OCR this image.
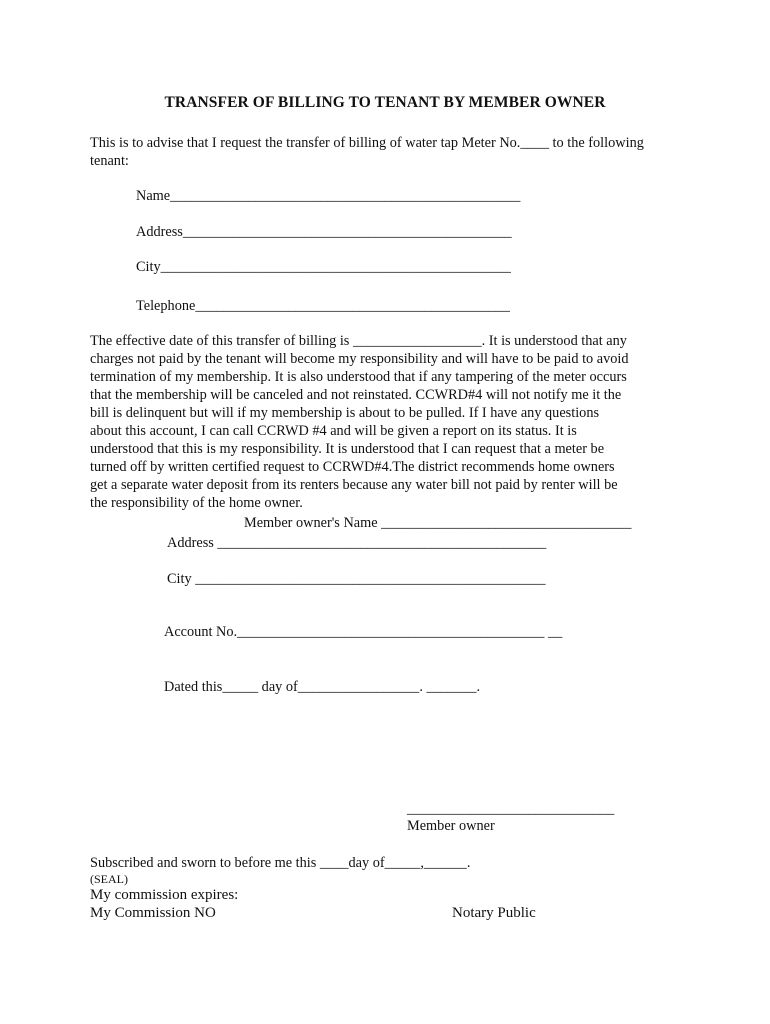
TRANSFER OF BILLING TO TENANT BY MEMBER OWNER
This is to advise that I request the transfer of billing of water tap Meter No.____ to the following
tenant:
Name_________________________________________________
Address______________________________________________
City_________________________________________________
Telephone____________________________________________
The effective date of this transfer of billing is __________________. It is understood that any
charges not paid by the tenant will become my responsibility and will have to be paid to avoid
termination of my membership. It is also understood that if any tampering of the meter occurs
that the membership will be canceled and not reinstated. CCWRD#4 will not notify me it the
bill is delinquent but will if my membership is about to be pulled. If I have any questions
about this account, I can call CCRWD #4 and will be given a report on its status. It is
understood that this is my responsibility. It is understood that I can request that a meter be
turned off by written certified request to CCRWD#4.The district recommends home owners
get a separate water deposit from its renters because any water bill not paid by renter will be
the responsibility of the home owner.
Member owner's Name ___________________________________
Address ______________________________________________
City _________________________________________________
Account No.___________________________________________ __
Dated this_____ day of_________________. _______.
_____________________________
Member owner
Subscribed and sworn to before me this ____day of_____,______.
(SEAL)
My commission expires:
My Commission NO	Notary Public
